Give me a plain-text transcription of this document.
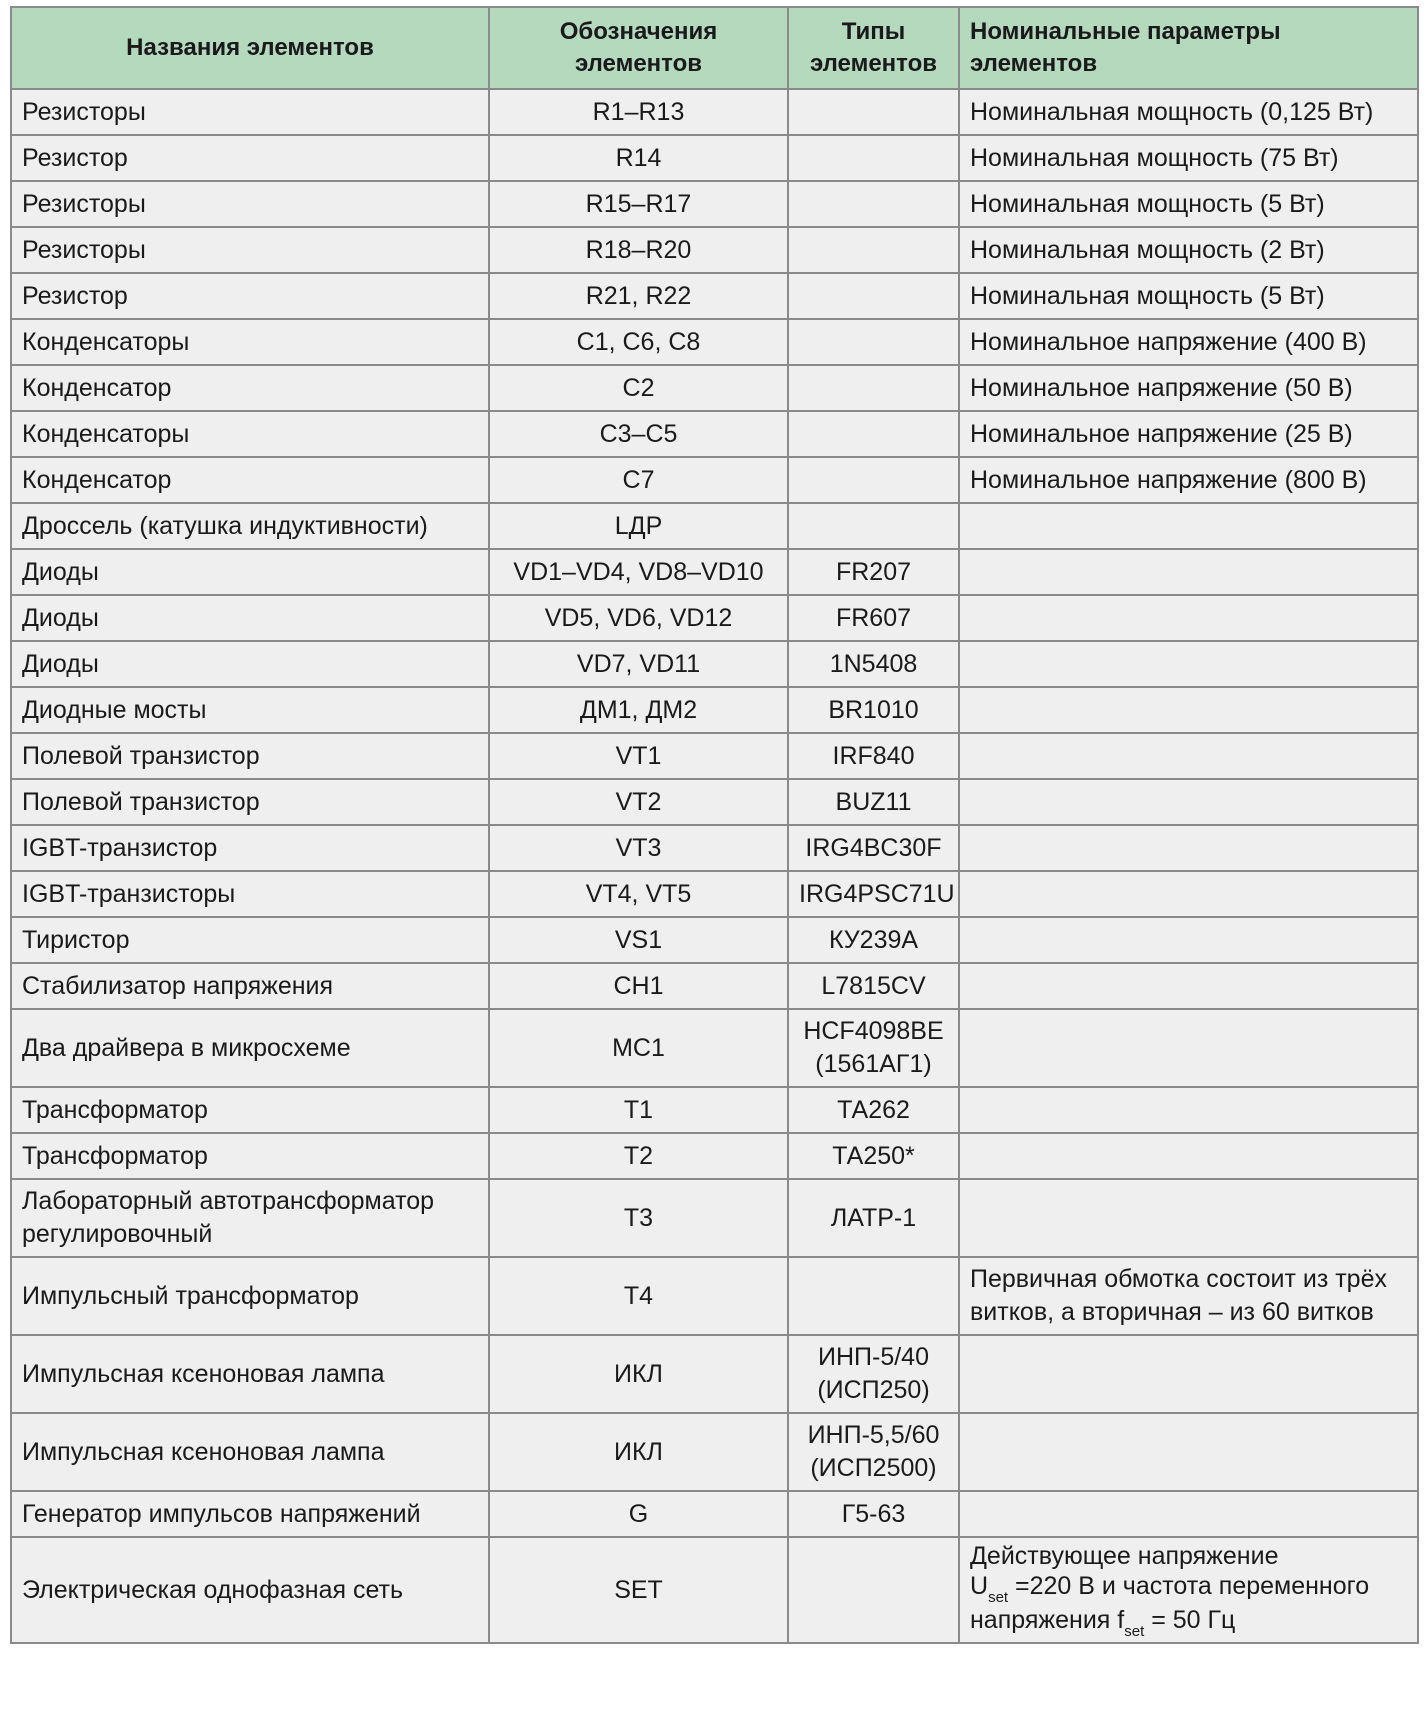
Названия элементов	Обозначения элементов	Типы элементов	Номинальные параметры элементов
Резисторы	R1–R13		Номинальная мощность (0,125 Вт)
Резистор	R14		Номинальная мощность (75 Вт)
Резисторы	R15–R17		Номинальная мощность (5 Вт)
Резисторы	R18–R20		Номинальная мощность (2 Вт)
Резистор	R21, R22		Номинальная мощность (5 Вт)
Конденсаторы	C1, C6, C8		Номинальное напряжение (400 В)
Конденсатор	C2		Номинальное напряжение (50 В)
Конденсаторы	C3–C5		Номинальное напряжение (25 В)
Конденсатор	C7		Номинальное напряжение (800 В)
Дроссель (катушка индуктивности)	LДР		
Диоды	VD1–VD4, VD8–VD10	FR207	
Диоды	VD5, VD6, VD12	FR607	
Диоды	VD7, VD11	1N5408	
Диодные мосты	ДМ1, ДМ2	BR1010	
Полевой транзистор	VT1	IRF840	
Полевой транзистор	VT2	BUZ11	
IGBT-транзистор	VT3	IRG4BC30F	
IGBT-транзисторы	VT4, VT5	IRG4PSC71U	
Тиристор	VS1	КУ239А	
Стабилизатор напряжения	CH1	L7815CV	
Два драйвера в микросхеме	MC1	HCF4098BE
(1561АГ1)	
Трансформатор	T1	ТА262	
Трансформатор	T2	ТА250*	
Лабораторный автотрансформатор
регулировочный	T3	ЛАТР-1	
Импульсный трансформатор	T4		Первичная обмотка состоит из трёх
витков, а вторичная – из 60 витков
Импульсная ксеноновая лампа	ИКЛ	ИНП-5/40
(ИСП250)	
Импульсная ксеноновая лампа	ИКЛ	ИНП-5,5/60
(ИСП2500)	
Генератор импульсов напряжений	G	Г5-63	
Электрическая однофазная сеть	SET		Действующее напряжение
$U_{set} =220$ В и частота переменного
напряжения $f_{set} = 50$ Гц
